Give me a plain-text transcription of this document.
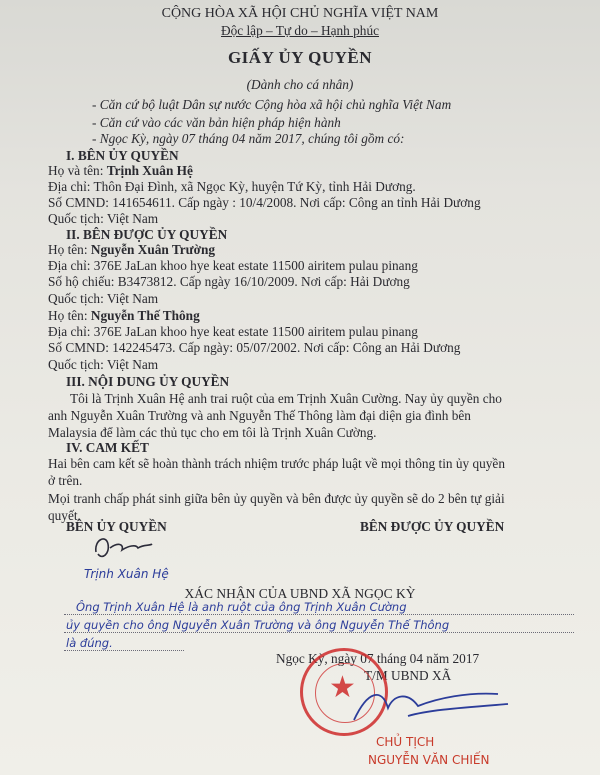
CỘNG HÒA XÃ HỘI CHỦ NGHĨA VIỆT NAM
Độc lập – Tự do – Hạnh phúc
GIẤY ỦY QUYỀN
(Dành cho cá nhân)
- Căn cứ bộ luật Dân sự nước Cộng hòa xã hội chủ nghĩa Việt Nam
- Căn cứ vào các văn bản hiện pháp hiện hành
- Ngọc Kỳ, ngày 07 tháng 04 năm 2017, chúng tôi gồm có:
I. BÊN ỦY QUYỀN
Họ và tên: Trịnh Xuân Hệ
Địa chỉ: Thôn Đại Đình, xã Ngọc Kỳ, huyện Tứ Kỳ, tỉnh Hải Dương.
Số CMND: 141654611. Cấp ngày : 10/4/2008. Nơi cấp: Công an tỉnh Hải Dương
Quốc tịch: Việt Nam
II. BÊN ĐƯỢC ỦY QUYỀN
Họ tên: Nguyễn Xuân Trường
Địa chỉ: 376E JaLan khoo hye keat estate 11500 airitem pulau pinang
Số hộ chiếu: B3473812. Cấp ngày 16/10/2009. Nơi cấp: Hải Dương
Quốc tịch: Việt Nam
Họ tên: Nguyễn Thế Thông
Địa chỉ: 376E JaLan khoo hye keat estate 11500 airitem pulau pinang
Số CMND: 142245473. Cấp ngày: 05/07/2002. Nơi cấp: Công an Hải Dương
Quốc tịch: Việt Nam
III. NỘI DUNG ỦY QUYỀN
Tôi là Trịnh Xuân Hệ anh trai ruột của em Trịnh Xuân Cường. Nay ủy quyền cho
anh Nguyễn Xuân Trường và anh Nguyễn Thế Thông làm đại diện gia đình bên
Malaysia để làm các thủ tục cho em tôi là Trịnh Xuân Cường.
IV. CAM KẾT
Hai bên cam kết sẽ hoàn thành trách nhiệm trước pháp luật về mọi thông tin ủy quyền
ở trên.
Mọi tranh chấp phát sinh giữa bên ủy quyền và bên được ủy quyền sẽ do 2 bên tự giải
quyết.
BÊN ỦY QUYỀN	BÊN ĐƯỢC ỦY QUYỀN
Trịnh Xuân Hệ
XÁC NHẬN CỦA UBND XÃ NGỌC KỲ
Ông Trịnh Xuân Hệ là anh ruột của ông Trịnh Xuân Cường
ủy quyền cho ông Nguyễn Xuân Trường và ông Nguyễn Thế Thông
là đúng.
Ngọc Kỳ, ngày 07 tháng 04 năm 2017
T/M UBND XÃ
★
CHỦ TỊCH
NGUYỄN VĂN CHIẾN
